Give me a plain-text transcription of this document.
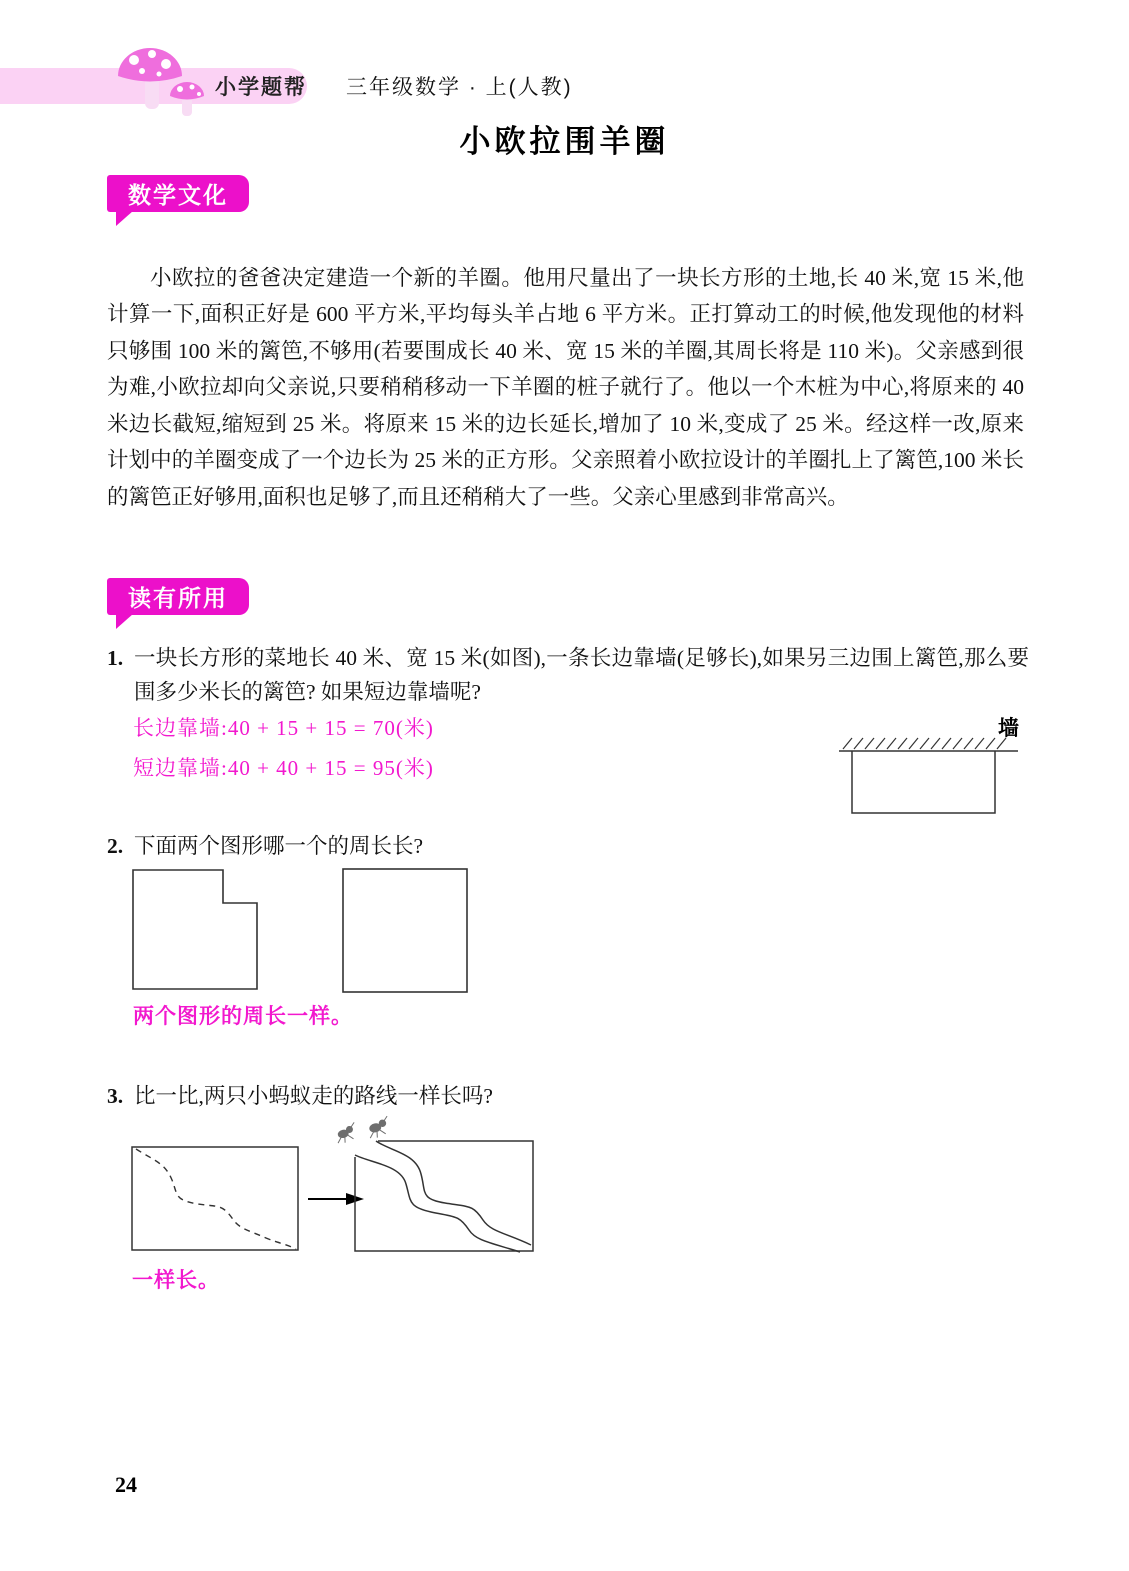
小学题帮 三年级数学 · 上(人教)
小欧拉围羊圈
数学文化

小欧拉的爸爸决定建造一个新的羊圈。他用尺量出了一块长方形的土地,长 40 米,宽 15 米,他计算一下,面积正好是 600 平方米,平均每头羊占地 6 平方米。正打算动工的时候,他发现他的材料只够围 100 米的篱笆,不够用(若要围成长 40 米、宽 15 米的羊圈,其周长将是 110 米)。父亲感到很为难,小欧拉却向父亲说,只要稍稍移动一下羊圈的桩子就行了。他以一个木桩为中心,将原来的 40 米边长截短,缩短到 25 米。将原来 15 米的边长延长,增加了 10 米,变成了 25 米。经这样一改,原来计划中的羊圈变成了一个边长为 25 米的正方形。父亲照着小欧拉设计的羊圈扎上了篱笆,100 米长的篱笆正好够用,面积也足够了,而且还稍稍大了一些。父亲心里感到非常高兴。

读有所用
1. 一块长方形的菜地长 40 米、宽 15 米(如图),一条长边靠墙(足够长),如果另三边围上篱笆,那么要围多少米长的篱笆? 如果短边靠墙呢?
长边靠墙:40 + 15 + 15 = 70(米)
短边靠墙:40 + 40 + 15 = 95(米)
墙
2. 下面两个图形哪一个的周长长?
两个图形的周长一样。
3. 比一比,两只小蚂蚁走的路线一样长吗?
一样长。
24
